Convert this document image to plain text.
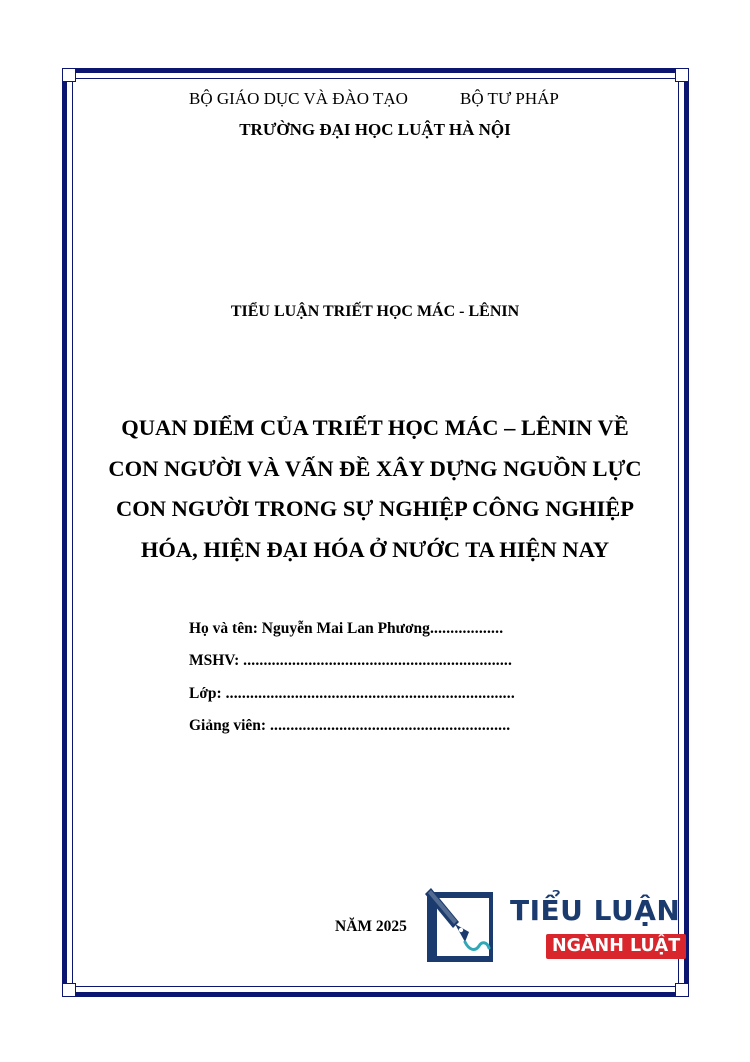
BỘ GIÁO DỤC VÀ ĐÀO TẠO	BỘ TƯ PHÁP
TRƯỜNG ĐẠI HỌC LUẬT HÀ NỘI
TIỂU LUẬN TRIẾT HỌC MÁC - LÊNIN
QUAN DIỂM CỦA TRIẾT HỌC MÁC – LÊNIN VỀ
CON NGƯỜI VÀ VẤN ĐỀ XÂY DỰNG NGUỒN LỰC
CON NGƯỜI TRONG SỰ NGHIỆP CÔNG NGHIỆP
HÓA, HIỆN ĐẠI HÓA Ở NƯỚC TA HIỆN NAY
Họ và tên: Nguyễn Mai Lan Phương..................
MSHV: ..................................................................
Lớp: .......................................................................
Giảng viên: ...........................................................
NĂM 2025	TIỂU LUẬN
NGÀNH LUẬT
